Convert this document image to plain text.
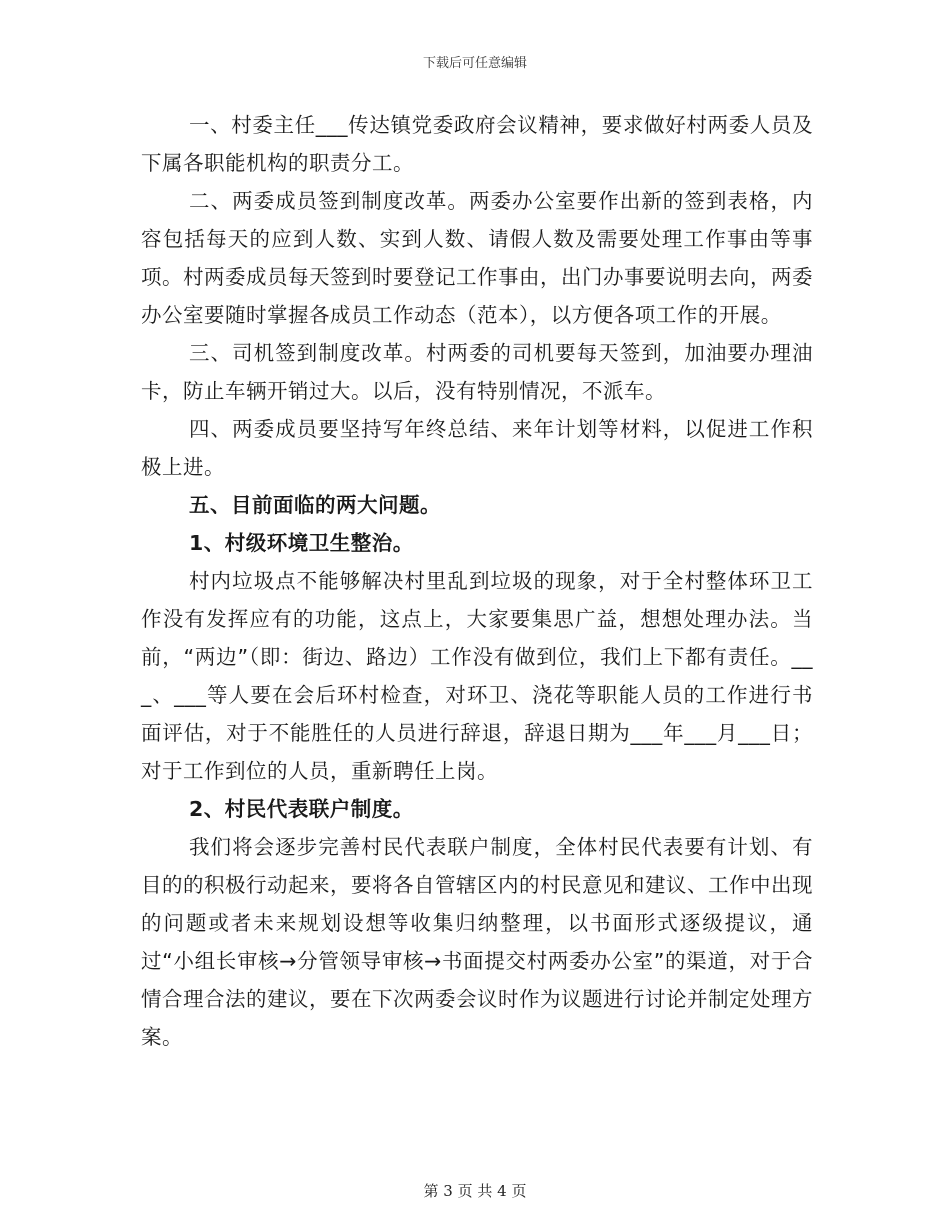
下载后可任意编辑

一、村委主任___传达镇党委政府会议精神，要求做好村两委人员及下属各职能机构的职责分工。

二、两委成员签到制度改革。两委办公室要作出新的签到表格，内容包括每天的应到人数、实到人数、请假人数及需要处理工作事由等事项。村两委成员每天签到时要登记工作事由，出门办事要说明去向，两委办公室要随时掌握各成员工作动态（范本），以方便各项工作的开展。

三、司机签到制度改革。村两委的司机要每天签到，加油要办理油卡，防止车辆开销过大。以后，没有特别情况，不派车。

四、两委成员要坚持写年终总结、来年计划等材料，以促进工作积极上进。

五、目前面临的两大问题。

1、村级环境卫生整治。

村内垃圾点不能够解决村里乱到垃圾的现象，对于全村整体环卫工作没有发挥应有的功能，这点上，大家要集思广益，想想处理办法。当前，“两边”（即：街边、路边）工作没有做到位，我们上下都有责任。___、___等人要在会后环村检查，对环卫、浇花等职能人员的工作进行书面评估，对于不能胜任的人员进行辞退，辞退日期为___年___月___日；对于工作到位的人员，重新聘任上岗。

2、村民代表联户制度。

我们将会逐步完善村民代表联户制度，全体村民代表要有计划、有目的的积极行动起来，要将各自管辖区内的村民意见和建议、工作中出现的问题或者未来规划设想等收集归纳整理，以书面形式逐级提议，通过“小组长审核→分管领导审核→书面提交村两委办公室”的渠道，对于合情合理合法的建议，要在下次两委会议时作为议题进行讨论并制定处理方案。

第 3 页 共 4 页
